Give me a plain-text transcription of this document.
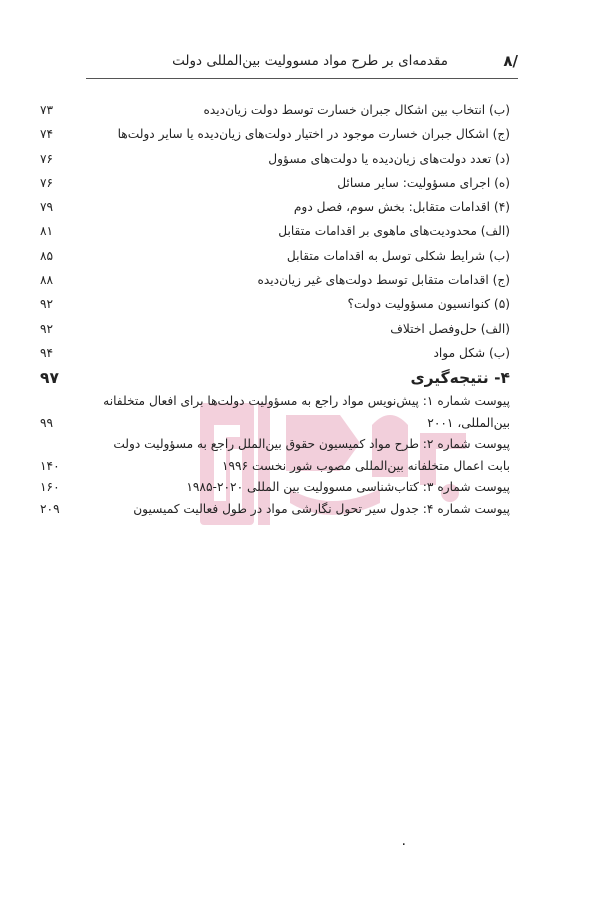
/۸
مقدمه‌ای بر طرح مواد مسوولیت بین‌المللی دولت
(ب) انتخاب بین اشکال جبران خسارت توسط دولت زیان‌دیده
۷۳
(ج) اشکال جبران خسارت موجود در اختیار دولت‌های زیان‌دیده یا سایر دولت‌ها
۷۴
(د) تعدد دولت‌های زیان‌دیده یا دولت‌های مسؤول
۷۶
(ه) اجرای مسؤولیت: سایر مسائل
۷۶
(۴) اقدامات متقابل: بخش سوم، فصل دوم
۷۹
(الف) محدودیت‌های ماهوی بر اقدامات متقابل
۸۱
(ب) شرایط شکلی توسل به اقدامات متقابل
۸۵
(ج) اقدامات متقابل توسط دولت‌های غیر زیان‌دیده
۸۸
(۵) کنوانسیون مسؤولیت دولت؟
۹۲
(الف) حل‌وفصل اختلاف
۹۲
(ب) شکل مواد
۹۴
۴- نتیجه‌گیری
۹۷
پیوست شماره ۱: پیش‌نویس مواد راجع به مسؤولیت دولت‌ها برای افعال متخلفانه
بین‌المللی، ۲۰۰۱
۹۹
پیوست شماره ۲: طرح مواد کمیسیون حقوق بین‌الملل راجع به مسؤولیت دولت
بابت اعمال متخلفانه بین‌المللی مصوب شور نخست ۱۹۹۶
۱۴۰
پیوست شماره ۳: کتاب‌شناسی مسوولیت بین المللی ۲۰۲۰-۱۹۸۵
۱۶۰
پیوست شماره ۴: جدول سیر تحول نگارشی مواد در طول فعالیت کمیسیون
۲۰۹
۰
